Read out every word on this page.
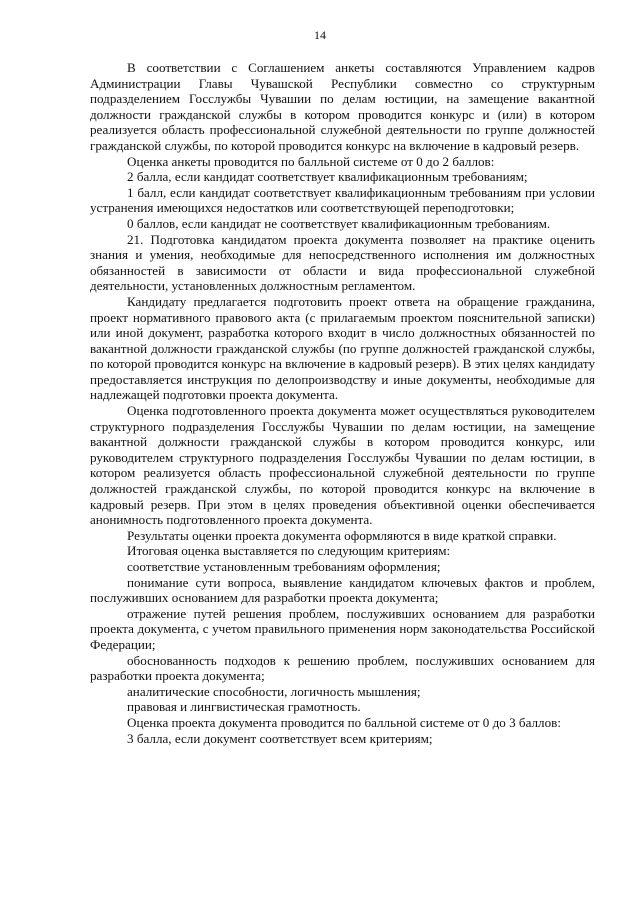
14

В соответствии с Соглашением анкеты составляются Управлением кадров Администрации Главы Чувашской Республики совместно со структурным подразделением Госслужбы Чувашии по делам юстиции, на замещение вакантной должности гражданской службы в котором проводится конкурс и (или) в котором реализуется область профессиональной служебной деятельности по группе должностей гражданской службы, по которой проводится конкурс на включение в кадровый резерв.

Оценка анкеты проводится по балльной системе от 0 до 2 баллов:

2 балла, если кандидат соответствует квалификационным требованиям;

1 балл, если кандидат соответствует квалификационным требованиям при условии устранения имеющихся недостатков или соответствующей переподготовки;

0 баллов, если кандидат не соответствует квалификационным требованиям.

21. Подготовка кандидатом проекта документа позволяет на практике оценить знания и умения, необходимые для непосредственного исполнения им должностных обязанностей в зависимости от области и вида профессиональной служебной деятельности, установленных должностным регламентом.

Кандидату предлагается подготовить проект ответа на обращение гражданина, проект нормативного правового акта (с прилагаемым проектом пояснительной записки) или иной документ, разработка которого входит в число должностных обязанностей по вакантной должности гражданской службы (по группе должностей гражданской службы, по которой проводится конкурс на включение в кадровый резерв). В этих целях кандидату предоставляется инструкция по делопроизводству и иные документы, необходимые для надлежащей подготовки проекта документа.

Оценка подготовленного проекта документа может осуществляться руководителем структурного подразделения Госслужбы Чувашии по делам юстиции, на замещение вакантной должности гражданской службы в котором проводится конкурс, или руководителем структурного подразделения Госслужбы Чувашии по делам юстиции, в котором реализуется область профессиональной служебной деятельности по группе должностей гражданской службы, по которой проводится конкурс на включение в кадровый резерв. При этом в целях проведения объективной оценки обеспечивается анонимность подготовленного проекта документа.

Результаты оценки проекта документа оформляются в виде краткой справки.

Итоговая оценка выставляется по следующим критериям:

соответствие установленным требованиям оформления;

понимание сути вопроса, выявление кандидатом ключевых фактов и проблем, послуживших основанием для разработки проекта документа;

отражение путей решения проблем, послуживших основанием для разработки проекта документа, с учетом правильного применения норм законодательства Российской Федерации;

обоснованность подходов к решению проблем, послуживших основанием для разработки проекта документа;

аналитические способности, логичность мышления;

правовая и лингвистическая грамотность.

Оценка проекта документа проводится по балльной системе от 0 до 3 баллов:

3 балла, если документ соответствует всем критериям;
